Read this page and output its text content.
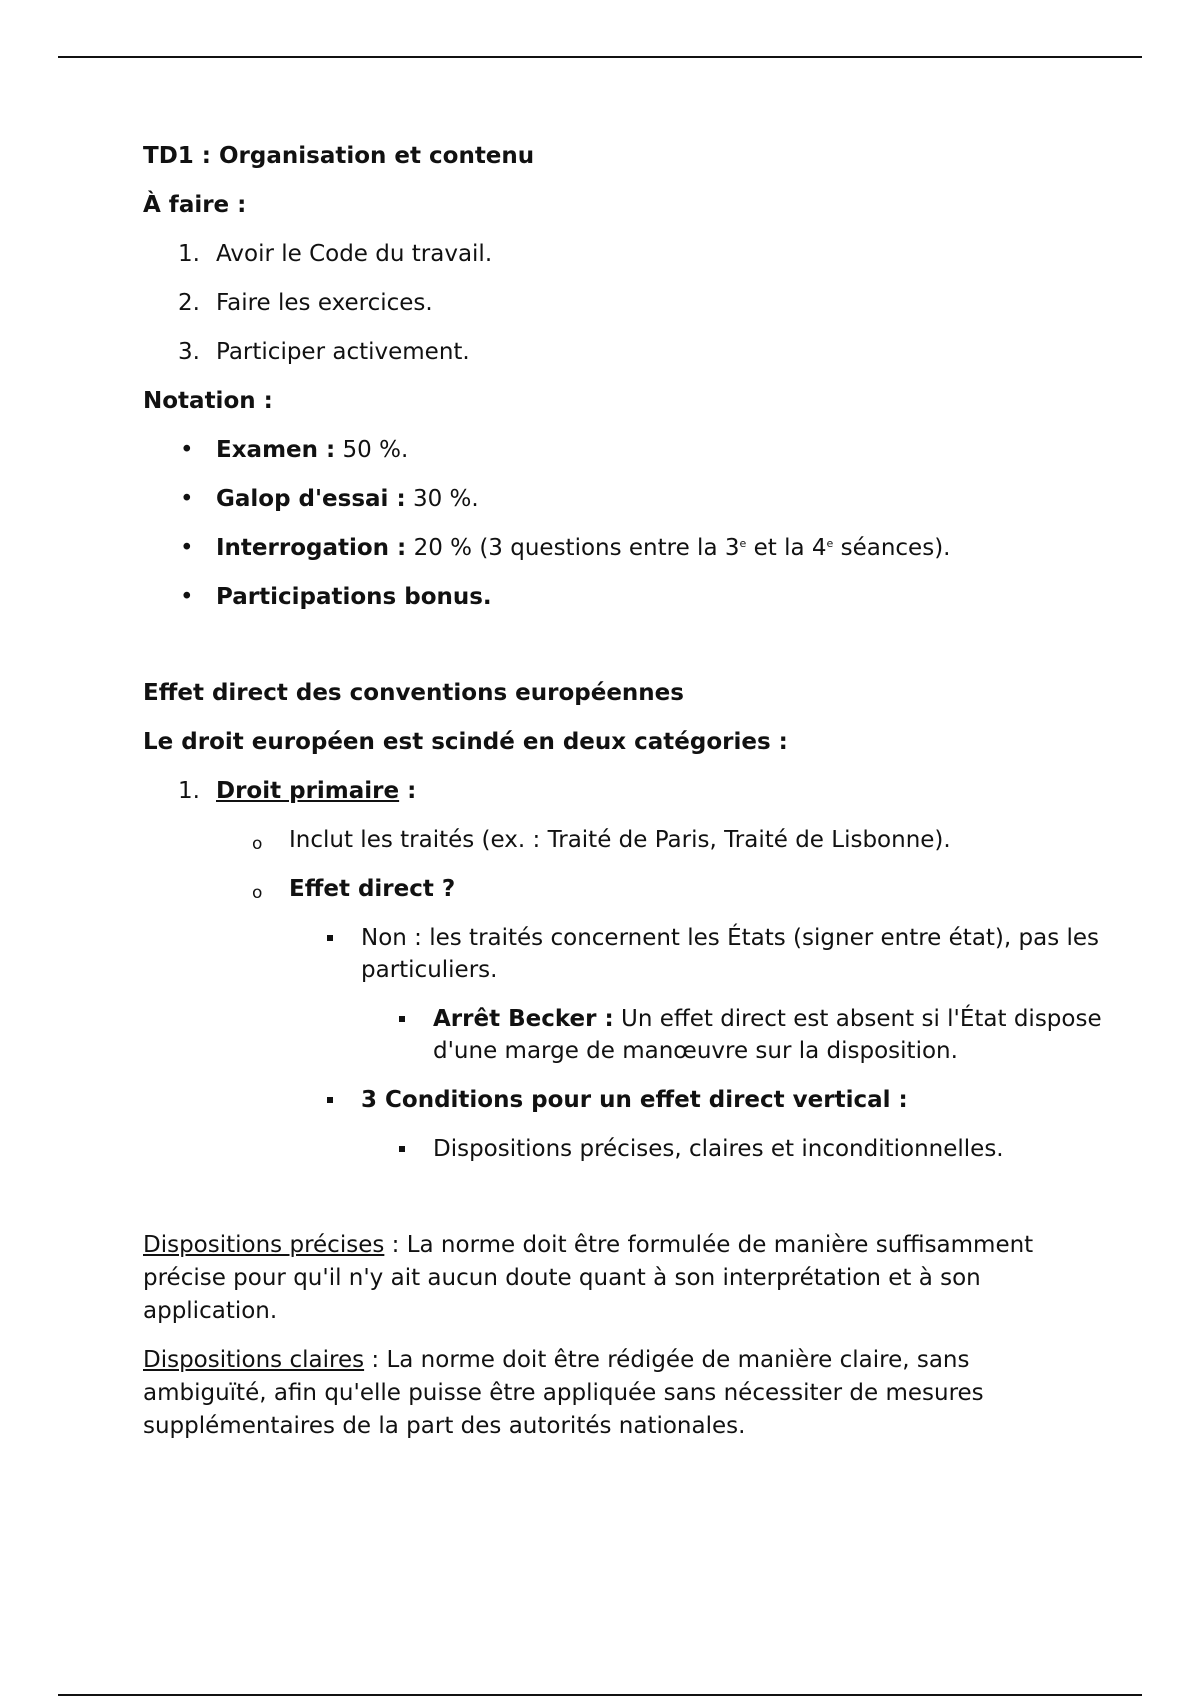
TD1 : Organisation et contenu

À faire :

1. Avoir le Code du travail.
2. Faire les exercices.
3. Participer activement.

Notation :

• Examen : 50 %.
• Galop d'essai : 30 %.
• Interrogation : 20 % (3 questions entre la 3e et la 4e séances).
• Participations bonus.

Effet direct des conventions européennes

Le droit européen est scindé en deux catégories :

1. Droit primaire :
o Inclut les traités (ex. : Traité de Paris, Traité de Lisbonne).
o Effet direct ?
Non : les traités concernent les États (signer entre état), pas les particuliers.
Arrêt Becker : Un effet direct est absent si l'État dispose d'une marge de manœuvre sur la disposition.
3 Conditions pour un effet direct vertical :
Dispositions précises, claires et inconditionnelles.

Dispositions précises : La norme doit être formulée de manière suffisamment précise pour qu'il n'y ait aucun doute quant à son interprétation et à son application.

Dispositions claires : La norme doit être rédigée de manière claire, sans ambiguïté, afin qu'elle puisse être appliquée sans nécessiter de mesures supplémentaires de la part des autorités nationales.
